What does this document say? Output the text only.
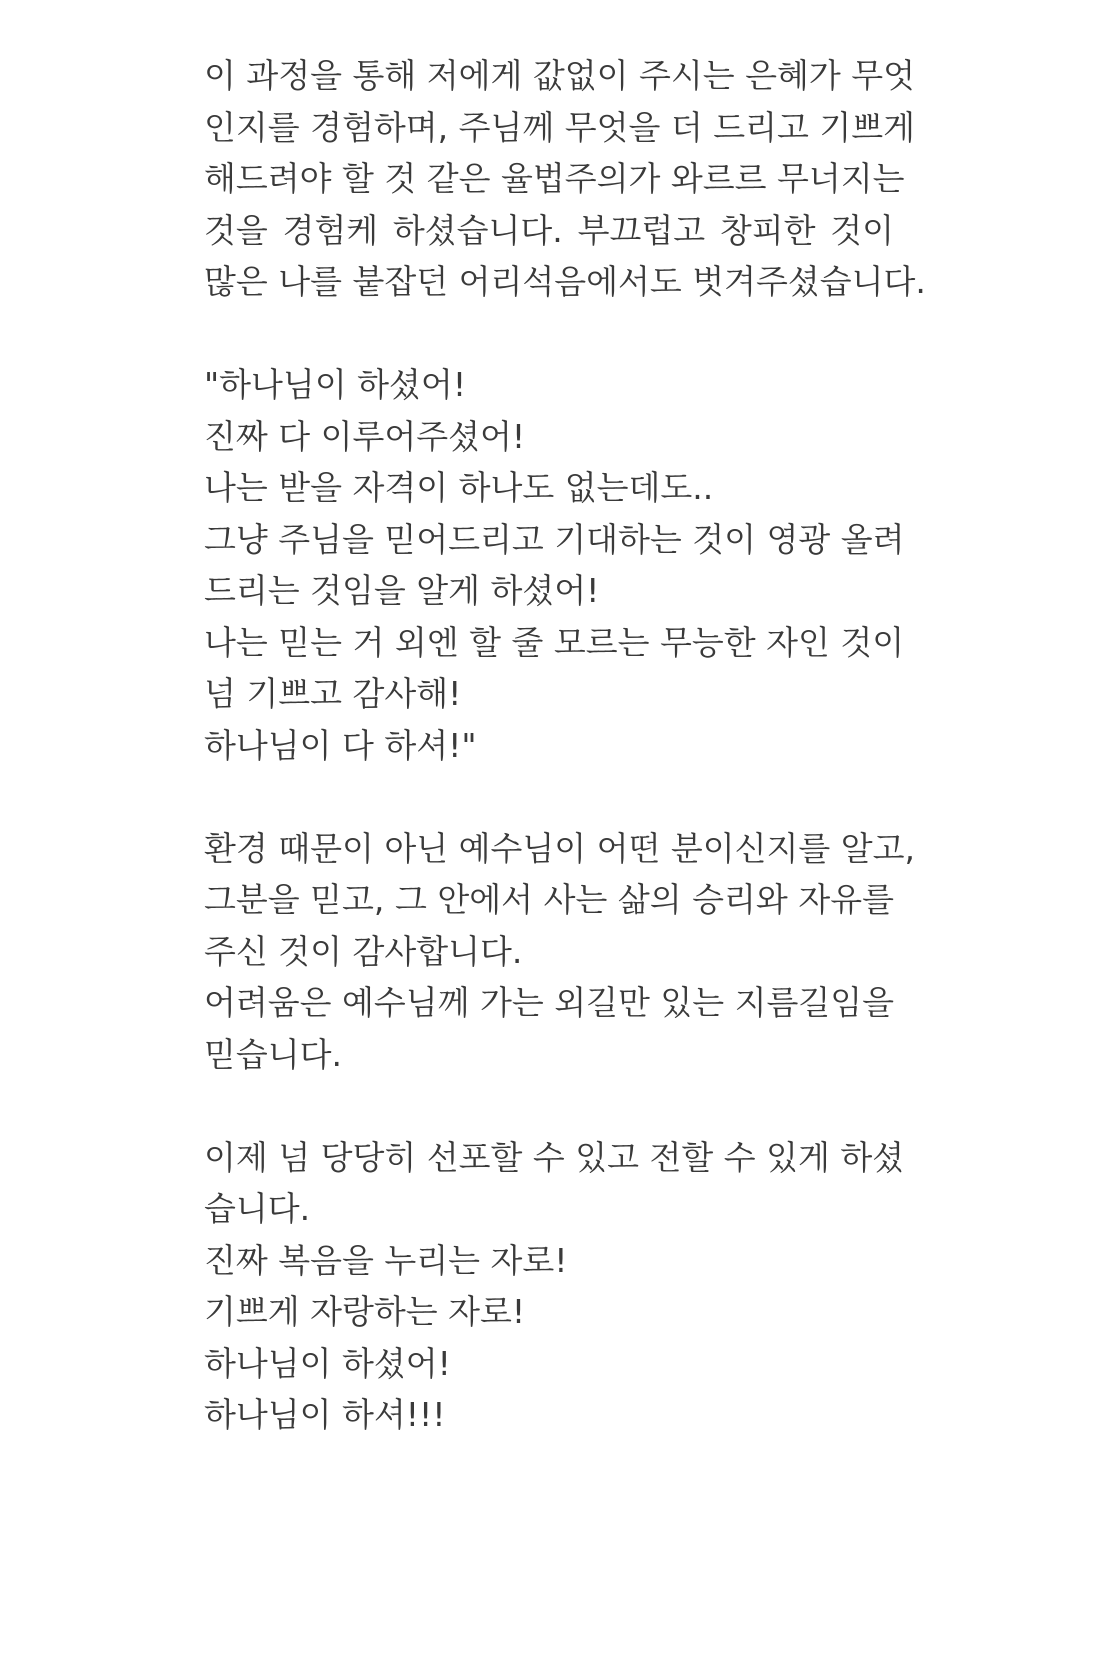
이 과정을 통해 저에게 값없이 주시는 은혜가 무엇
인지를 경험하며, 주님께 무엇을 더 드리고 기쁘게
해드려야 할 것 같은 율법주의가 와르르 무너지는
것을 경험케 하셨습니다. 부끄럽고 창피한 것이
많은 나를 붙잡던 어리석음에서도 벗겨주셨습니다.
"하나님이 하셨어!
진짜 다 이루어주셨어!
나는 받을 자격이 하나도 없는데도..
그냥 주님을 믿어드리고 기대하는 것이 영광 올려
드리는 것임을 알게 하셨어!
나는 믿는 거 외엔 할 줄 모르는 무능한 자인 것이
넘 기쁘고 감사해!
하나님이 다 하셔!"
환경 때문이 아닌 예수님이 어떤 분이신지를 알고,
그분을 믿고, 그 안에서 사는 삶의 승리와 자유를
주신 것이 감사합니다.
어려움은 예수님께 가는 외길만 있는 지름길임을
믿습니다.
이제 넘 당당히 선포할 수 있고 전할 수 있게 하셨
습니다.
진짜 복음을 누리는 자로!
기쁘게 자랑하는 자로!
하나님이 하셨어!
하나님이 하셔!!!
